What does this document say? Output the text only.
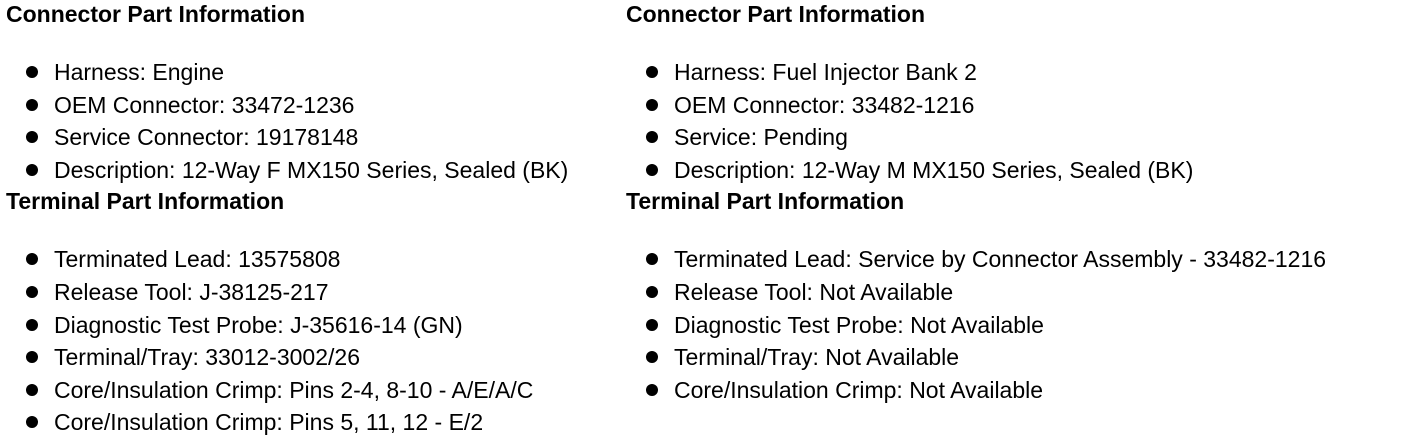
Connector Part Information
Harness: Engine
OEM Connector: 33472-1236
Service Connector: 19178148
Description: 12-Way F MX150 Series, Sealed (BK)
Terminal Part Information
Terminated Lead: 13575808
Release Tool: J-38125-217
Diagnostic Test Probe: J-35616-14 (GN)
Terminal/Tray: 33012-3002/26
Core/Insulation Crimp: Pins 2-4, 8-10 - A/E/A/C
Core/Insulation Crimp: Pins 5, 11, 12 - E/2
Connector Part Information
Harness: Fuel Injector Bank 2
OEM Connector: 33482-1216
Service: Pending
Description: 12-Way M MX150 Series, Sealed (BK)
Terminal Part Information
Terminated Lead: Service by Connector Assembly - 33482-1216
Release Tool: Not Available
Diagnostic Test Probe: Not Available
Terminal/Tray: Not Available
Core/Insulation Crimp: Not Available
